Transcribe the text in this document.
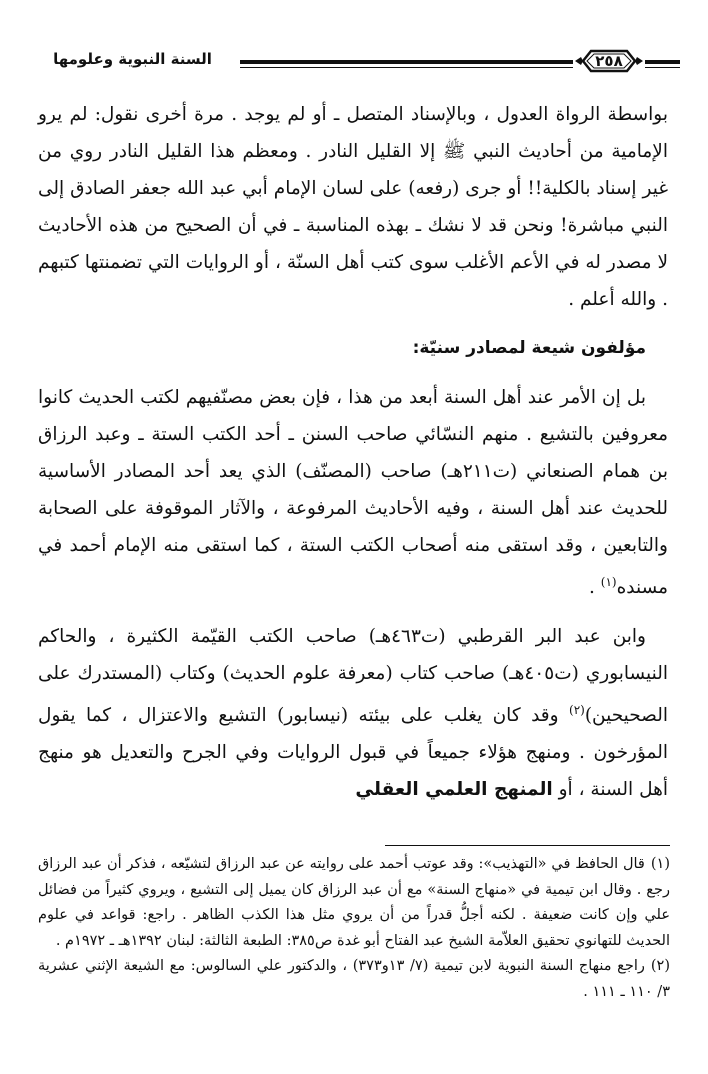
السنة النبوية وعلومها	٢٥٨

بواسطة الرواة العدول ، وبالإسناد المتصل ـ أو لم يوجد . مرة أخرى نقول: لم يرو الإمامية من أحاديث النبي ﷺ إلا القليل النادر . ومعظم هذا القليل النادر روي من غير إسناد بالكلية!! أو جرى (رفعه) على لسان الإمام أبي عبد الله جعفر الصادق إلى النبي مباشرة! ونحن قد لا نشك ـ بهذه المناسبة ـ في أن الصحيح من هذه الأحاديث لا مصدر له في الأعم الأغلب سوى كتب أهل السنّة ، أو الروايات التي تضمنتها كتبهم . والله أعلم .

مؤلفون شيعة لمصادر سنيّة:

بل إن الأمر عند أهل السنة أبعد من هذا ، فإن بعض مصنّفيهم لكتب الحديث كانوا معروفين بالتشيع . منهم النسّائي صاحب السنن ـ أحد الكتب الستة ـ وعبد الرزاق بن همام الصنعاني (ت٢١١هـ) صاحب (المصنّف) الذي يعد أحد المصادر الأساسية للحديث عند أهل السنة ، وفيه الأحاديث المرفوعة ، والآثار الموقوفة على الصحابة والتابعين ، وقد استقى منه أصحاب الكتب الستة ، كما استقى منه الإمام أحمد في مسنده$^{(١)}$ .

وابن عبد البر القرطبي (ت٤٦٣هـ) صاحب الكتب القيّمة الكثيرة ، والحاكم النيسابوري (ت٤٠٥هـ) صاحب كتاب (معرفة علوم الحديث) وكتاب (المستدرك على الصحيحين)$^{(٢)}$ وقد كان يغلب على بيئته (نيسابور) التشيع والاعتزال ، كما يقول المؤرخون . ومنهج هؤلاء جميعاً في قبول الروايات وفي الجرح والتعديل هو منهج أهل السنة ، أو المنهج العلمي العقلي

(١)قال الحافظ في «التهذيب»: وقد عوتب أحمد على روايته عن عبد الرزاق لتشيّعه ، فذكر أن عبد الرزاق رجع . وقال ابن تيمية في «منهاج السنة» مع أن عبد الرزاق كان يميل إلى التشيع ، ويروي كثيراً من فضائل علي وإن كانت ضعيفة . لكنه أجلُّ قدراً من أن يروي مثل هذا الكذب الظاهر . راجع: قواعد في علوم الحديث للتهانوي تحقيق العلاّمة الشيخ عبد الفتاح أبو غدة ص٣٨٥: الطبعة الثالثة: لبنان ١٣٩٢هـ ـ ١٩٧٢م .

(٢)راجع منهاج السنة النبوية لابن تيمية (٧/ ١٣و٣٧٣) ، والدكتور علي السالوس: مع الشيعة الإثني عشرية ٣/ ١١٠ ـ ١١١ .
